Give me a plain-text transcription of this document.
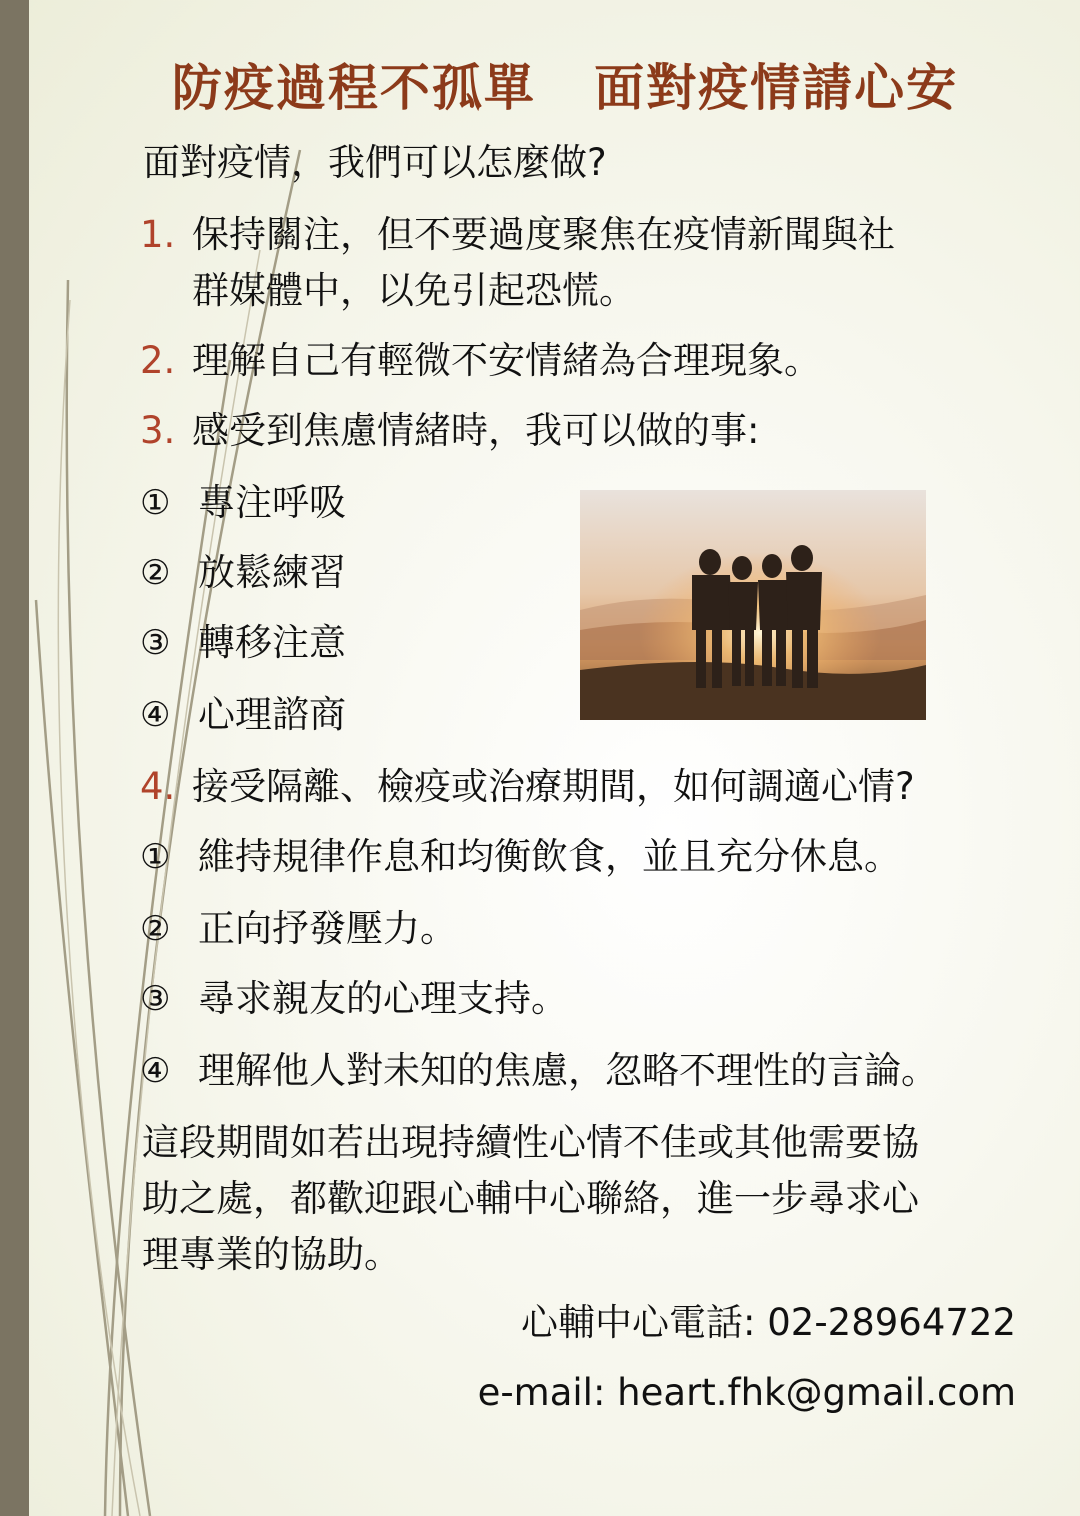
防疫過程不孤單   面對疫情請心安
面對疫情，我們可以怎麼做?
1. 保持關注，但不要過度聚焦在疫情新聞與社
群媒體中，以免引起恐慌。
2. 理解自己有輕微不安情緒為合理現象。
3. 感受到焦慮情緒時，我可以做的事:
① 專注呼吸
② 放鬆練習
③ 轉移注意
④ 心理諮商
4. 接受隔離、檢疫或治療期間，如何調適心情?
① 維持規律作息和均衡飲食，並且充分休息。
② 正向抒發壓力。
③ 尋求親友的心理支持。
④ 理解他人對未知的焦慮，忽略不理性的言論。
這段期間如若出現持續性心情不佳或其他需要協
助之處，都歡迎跟心輔中心聯絡，進一步尋求心
理專業的協助。
心輔中心電話: 02-28964722
e-mail: heart.fhk@gmail.com
